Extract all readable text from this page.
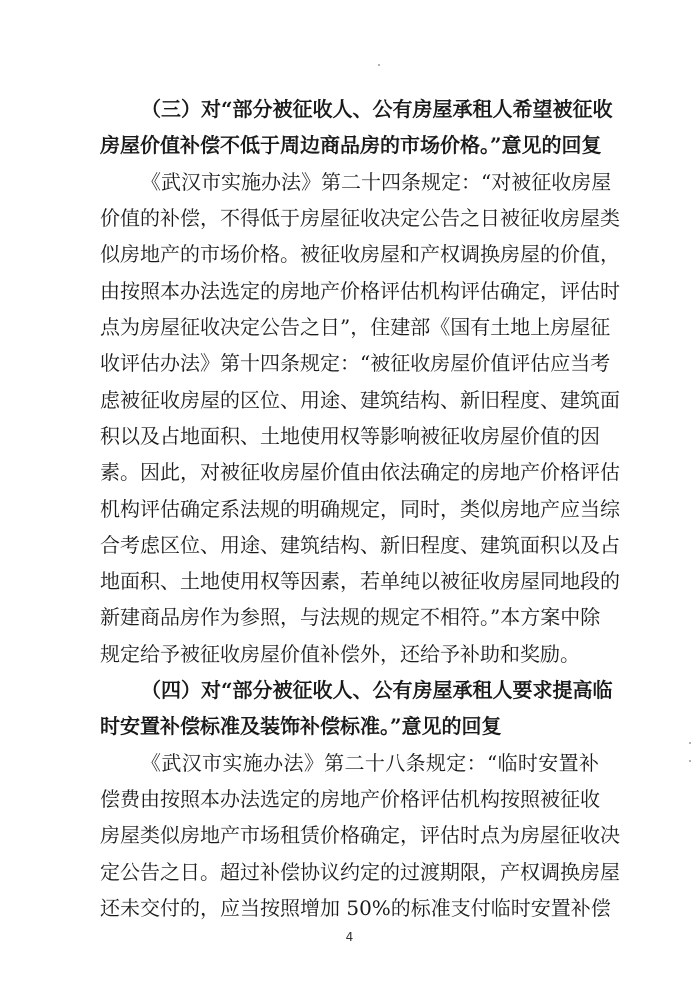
（三）对“部分被征收人、公有房屋承租人希望被征收
房屋价值补偿不低于周边商品房的市场价格。”意见的回复
《武汉市实施办法》第二十四条规定：“对被征收房屋
价值的补偿，不得低于房屋征收决定公告之日被征收房屋类
似房地产的市场价格。被征收房屋和产权调换房屋的价值，
由按照本办法选定的房地产价格评估机构评估确定，评估时
点为房屋征收决定公告之日”，住建部《国有土地上房屋征
收评估办法》第十四条规定：“被征收房屋价值评估应当考
虑被征收房屋的区位、用途、建筑结构、新旧程度、建筑面
积以及占地面积、土地使用权等影响被征收房屋价值的因
素。因此，对被征收房屋价值由依法确定的房地产价格评估
机构评估确定系法规的明确规定，同时，类似房地产应当综
合考虑区位、用途、建筑结构、新旧程度、建筑面积以及占
地面积、土地使用权等因素，若单纯以被征收房屋同地段的
新建商品房作为参照，与法规的规定不相符。”本方案中除
规定给予被征收房屋价值补偿外，还给予补助和奖励。
（四）对“部分被征收人、公有房屋承租人要求提高临
时安置补偿标准及装饰补偿标准。”意见的回复
《武汉市实施办法》第二十八条规定：“临时安置补
4
偿费由按照本办法选定的房地产价格评估机构按照被征收
房屋类似房地产市场租赁价格确定，评估时点为房屋征收决
定公告之日。超过补偿协议约定的过渡期限，产权调换房屋
还未交付的，应当按照增加 50%的标准支付临时安置补偿
